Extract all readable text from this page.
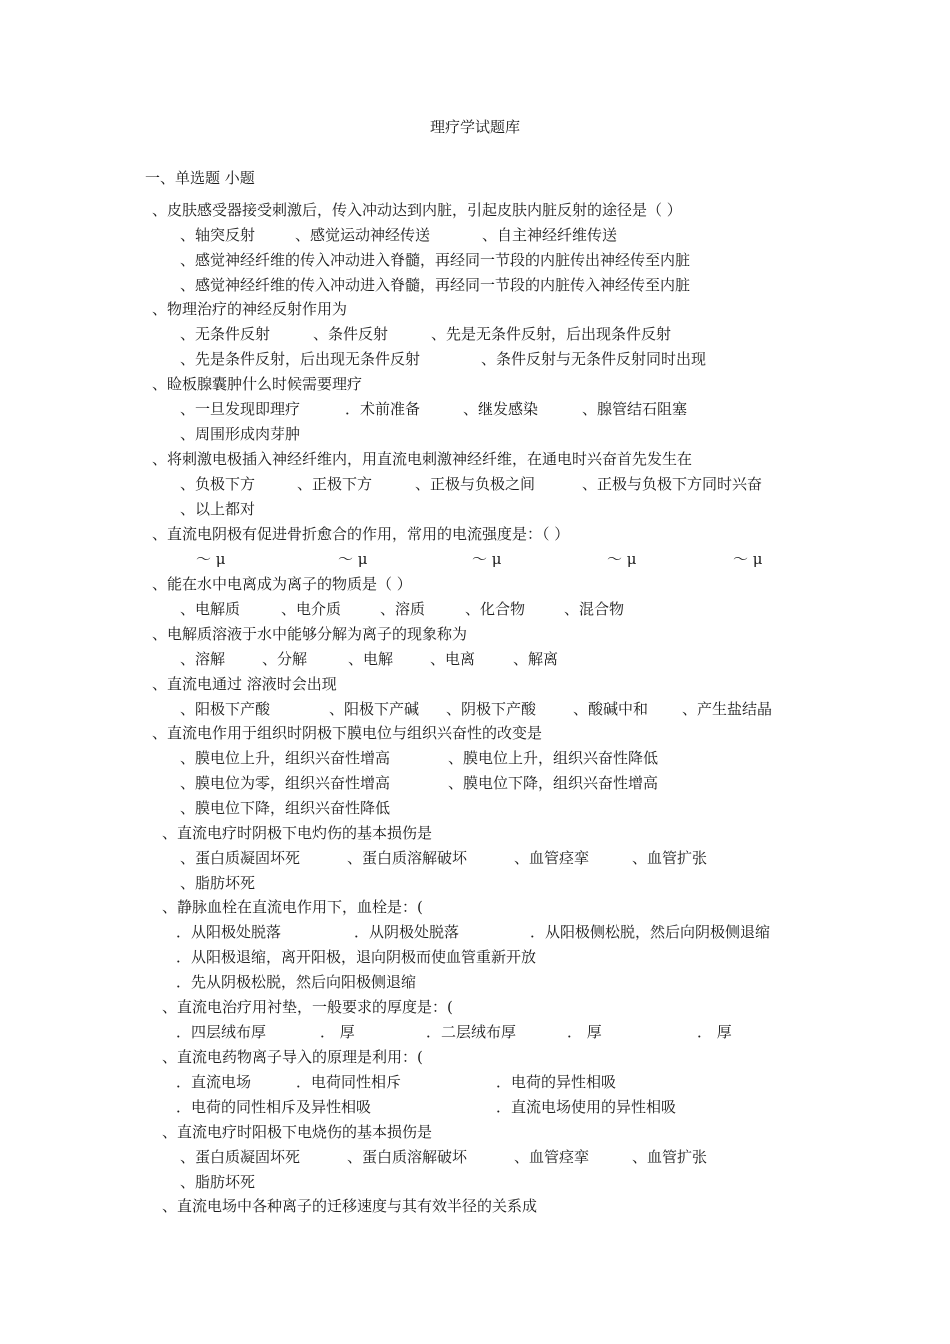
理疗学试题库
一、单选题 小题
、皮肤感受器接受刺激后，传入冲动达到内脏，引起皮肤内脏反射的途径是（ ）
、轴突反射	、感觉运动神经传送	、自主神经纤维传送
、感觉神经纤维的传入冲动进入脊髓，再经同一节段的内脏传出神经传至内脏
、感觉神经纤维的传入冲动进入脊髓，再经同一节段的内脏传入神经传至内脏
、物理治疗的神经反射作用为
、无条件反射	、条件反射	、先是无条件反射，后出现条件反射
、先是条件反射，后出现无条件反射	、条件反射与无条件反射同时出现
、睑板腺囊肿什么时候需要理疗
、一旦发现即理疗	．术前准备	、继发感染	、腺管结石阻塞
、周围形成肉芽肿
、将刺激电极插入神经纤维内，用直流电刺激神经纤维，在通电时兴奋首先发生在
、负极下方	、正极下方	、正极与负极之间	、正极与负极下方同时兴奋
、以上都对
、直流电阴极有促进骨折愈合的作用，常用的电流强度是：（ ）
～ μ	～ μ	～ μ	～ μ	～ μ
、能在水中电离成为离子的物质是（ ）
、电解质	、电介质	、溶质	、化合物	、混合物
、电解质溶液于水中能够分解为离子的现象称为
、溶解 、分解	、电解 、电离	、解离
、直流电通过 溶液时会出现
、阳极下产酸	、阳极下产碱 、阴极下产酸 、酸碱中和 、产生盐结晶
、直流电作用于组织时阴极下膜电位与组织兴奋性的改变是
、膜电位上升，组织兴奋性增高	、膜电位上升，组织兴奋性降低
、膜电位为零，组织兴奋性增高	、膜电位下降，组织兴奋性增高
、膜电位下降，组织兴奋性降低
、直流电疗时阴极下电灼伤的基本损伤是
、蛋白质凝固坏死	、蛋白质溶解破坏	、血管痉挛	、血管扩张
、脂肪坏死
、静脉血栓在直流电作用下，血栓是：(
．从阳极处脱落	．从阴极处脱落	．从阳极侧松脱，然后向阴极侧退缩
．从阳极退缩，离开阳极，退向阴极而使血管重新开放
．先从阴极松脱，然后向阳极侧退缩
、直流电治疗用衬垫，一般要求的厚度是：(
．四层绒布厚	． 厚	．二层绒布厚	． 厚	． 厚
、直流电药物离子导入的原理是利用：(
．直流电场	．电荷同性相斥	．电荷的异性相吸
．电荷的同性相斥及异性相吸	．直流电场使用的异性相吸
、直流电疗时阳极下电烧伤的基本损伤是
、蛋白质凝固坏死	、蛋白质溶解破坏	、血管痉挛	、血管扩张
、脂肪坏死
、直流电场中各种离子的迁移速度与其有效半径的关系成
